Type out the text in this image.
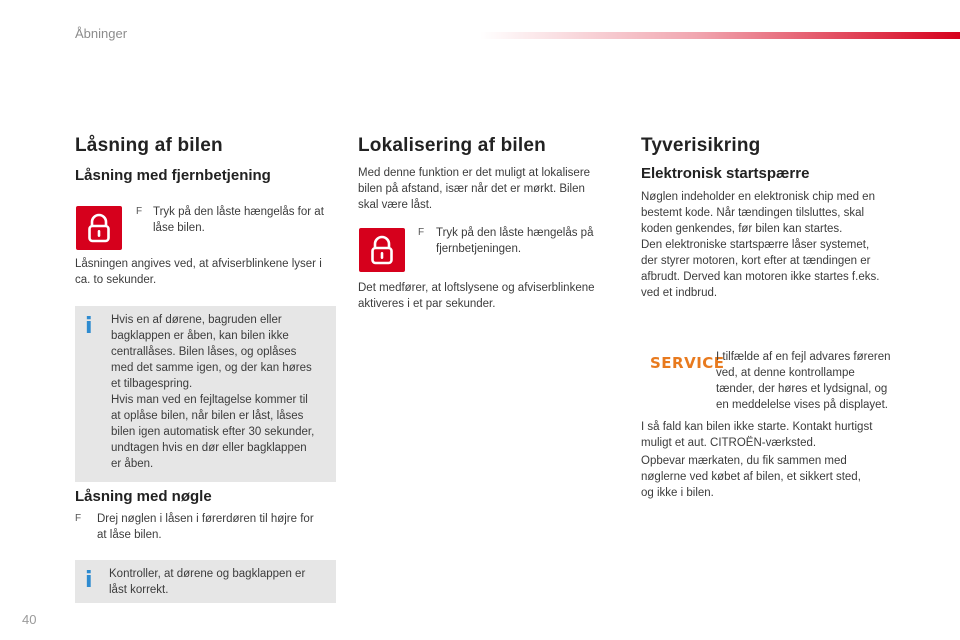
Åbninger
Låsning af bilen
Låsning med fjernbetjening
F Tryk på den låste hængelås for at låse bilen.
Låsningen angives ved, at afviserblinkene lyser i ca. to sekunder.
i Hvis en af dørene, bagruden eller
bagklappen er åben, kan bilen ikke
centrallåses. Bilen låses, og oplåses
med det samme igen, og der kan høres
et tilbagespring.
Hvis man ved en fejltagelse kommer til
at oplåse bilen, når bilen er låst, låses
bilen igen automatisk efter 30 sekunder,
undtagen hvis en dør eller bagklappen
er åben.
Låsning med nøgle
F Drej nøglen i låsen i førerdøren til højre for
at låse bilen.
i Kontroller, at dørene og bagklappen er
låst korrekt.
Lokalisering af bilen
Med denne funktion er det muligt at lokalisere
bilen på afstand, især når det er mørkt. Bilen
skal være låst.
F Tryk på den låste hængelås på
fjernbetjeningen.
Det medfører, at loftslysene og afviserblinkene
aktiveres i et par sekunder.
Tyverisikring
Elektronisk startspærre
Nøglen indeholder en elektronisk chip med en
bestemt kode. Når tændingen tilsluttes, skal
koden genkendes, før bilen kan startes.
Den elektroniske startspærre låser systemet,
der styrer motoren, kort efter at tændingen er
afbrudt. Derved kan motoren ikke startes f.eks.
ved et indbrud.
SERVICE
I tilfælde af en fejl advares føreren
ved, at denne kontrollampe
tænder, der høres et lydsignal, og
en meddelelse vises på displayet.
I så fald kan bilen ikke starte. Kontakt hurtigst
muligt et aut. CITROËN-værksted.
Opbevar mærkaten, du fik sammen med
nøglerne ved købet af bilen, et sikkert sted,
og ikke i bilen.
40
